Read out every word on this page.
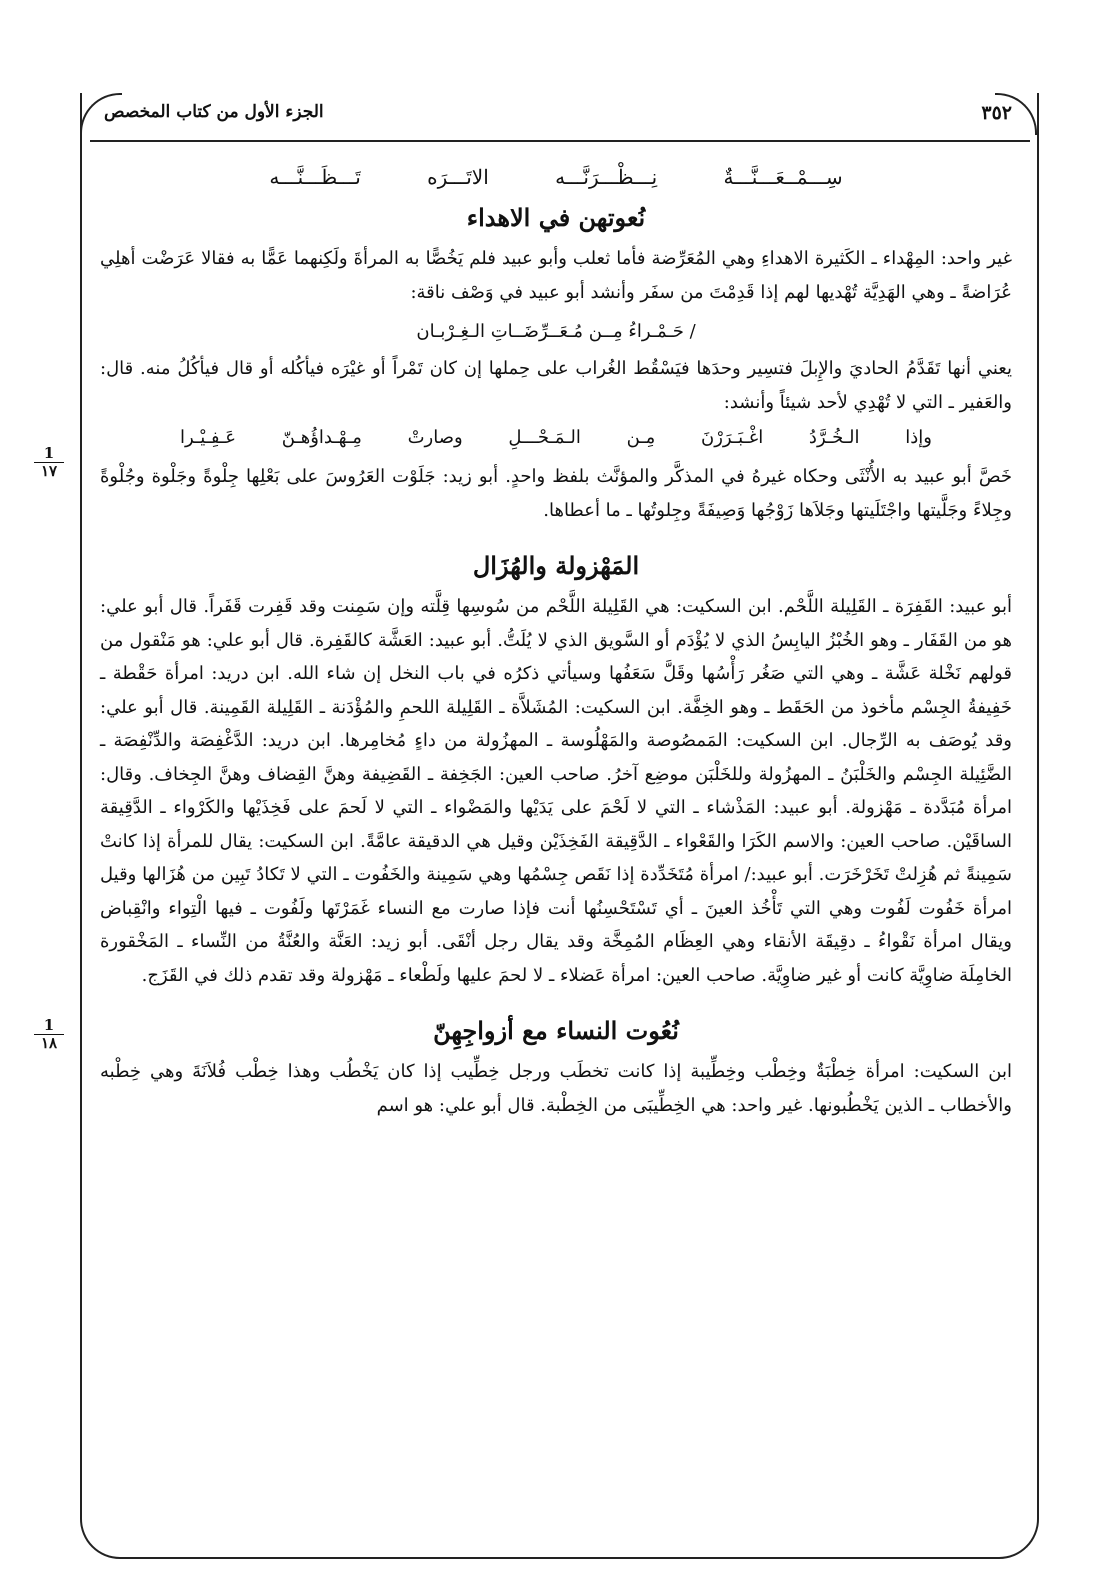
٣٥٢
الجزء الأول من كتاب المخصص
1
١٧
1
١٨
سِـــمْــعَـــنَّـــةٌ نِـــظْـــرَنَّـــه الاتَـــرَه تَـــظَـــنَّـــه
نُعوتهن في الاهداء

غير واحد: المِهْداء ـ الكَثيرة الاهداءِ وهي المُعَرِّضة فأما ثعلب وأبو عبيد فلم يَخُصًّا به المرأةَ ولَكِنهما عَمًّا به فقالا عَرَضْت أهلِي عُرَاضةً ـ وهي الهَدِيَّة تُهْديها لهم إذا قَدِمْتَ من سفَر وأنشد أبو عبيد في وَصْف ناقة:

/ حَـمْـراءُ مِــن مُـعَــرِّضَــاتِ الـغِـرْبـان

يعني أنها تَقَدَّمُ الحاديَ والإِبلَ فتسِير وحدَها فيَسْقُط الغُراب على حِملها إن كان تَمْراً أو غيْرَه فيأكُله أو قال فيأكُلُ منه. قال: والعَفير ـ التي لا تُهْدِي لأحد شيئاً وأنشد:

وإذا الـخُـرَّدُ اغْـبَـرَرْنَ مِـن الـمَـحْـــلِ وصارتْ مِـهْـداؤُهـنّ عَـفِـيْـرا

خَصَّ أبو عبيد به الأُنْثَى وحكاه غيرهُ في المذكَّر والمؤنَّث بلفظ واحدٍ. أبو زيد: جَلَوْت العَرُوسَ على بَعْلِها جِلْوةً وجَلْوة وجُلْوةً وجِلاءً وجَلَّيتها واجْتَلَيتها وجَلاَها زَوْجُها وَصِيفَةً وجِلوتُها ـ ما أعطاها.

المَهْزولة والهُزَال

أبو عبيد: القَفِرَة ـ القَلِيلة اللَّحْم. ابن السكيت: هي القَلِيلة اللَّحْم من سُوسِها قِلَّته وإن سَمِنت وقد قَفِرت قَفَراً. قال أبو علي: هو من القَفَار ـ وهو الخُبْزُ اليابِسُ الذي لا يُؤْدَم أو السَّويق الذي لا يُلَتُّ. أبو عبيد: العَشَّة كالقَفِرة. قال أبو علي: هو مَنْقول من قولهم نَخْلة عَشَّة ـ وهي التي صَغُر رَأْسُها وقَلَّ سَعَفُها وسيأتي ذكرُه في باب النخل إن شاء الله. ابن دريد: امرأة حَقْطة ـ خَفِيفةُ الجِسْم مأخوذ من الحَقَط ـ وهو الخِفَّة. ابن السكيت: المُشَلاَّة ـ القَلِيلة اللحمِ والمُؤْدَنة ـ القَلِيلة القَمِينة. قال أبو علي: وقد يُوصَف به الرِّجال. ابن السكيت: المَمصُوصة والمَهْلُوسة ـ المهزُولة من داءٍ مُخامِرها. ابن دريد: الدَّغْفِصَة والدِّنْفِصَة ـ الضَّئِيلة الجِسْم والخَلْبَنُ ـ المهزُولة وللخَلْبَن موضِع آخرُ. صاحب العين: الجَخِفة ـ القَضِيفة وهنَّ القِضاف وهنَّ الجِخاف. وقال: امرأة مُبَدَّدة ـ مَهْزولة. أبو عبيد: المَذْشاء ـ التي لا لَحْمَ على يَدَيْها والمَضْواء ـ التي لا لَحمَ على فَخِذَيْها والكَرْواء ـ الدَّقِيقة الساقَيْن. صاحب العين: والاسم الكَرَا والقَعْواء ـ الدَّقِيقة الفَخِذَيْن وقيل هي الدقيقة عامَّةً. ابن السكيت: يقال للمرأة إذا كانتْ سَمِينةً ثم هُزِلتْ تَخَرْخَرَت. أبو عبيد:/ امرأة مُتَخَدِّدة إذا نَقَص جِسْمُها وهي سَمِينة والخَفُوت ـ التي لا تَكادُ تَبِين من هُزَالها وقيل امرأة خَفُوت لَفُوت وهي التي تَأْخُذ العينَ ـ أي تَسْتَحْسِنُها أنت فإذا صارت مع النساء غَمَرْتَها ولَفُوت ـ فيها الْتِواء وانْقِباض ويقال امرأة نَقْواءُ ـ دقِيقَة الأنقاء وهي العِظَام المُمِخَّة وقد يقال رجل أنْقَى. أبو زيد: العَنَّة والعُنَّةُ من النِّساء ـ المَخْقورة الخامِلَة ضاوِيَّة كانت أو غير ضاوِيَّة. صاحب العين: امرأة عَضلاء ـ لا لحمَ عليها ولَطْعاء ـ مَهْزولة وقد تقدم ذلك في القَزَج.

نُعُوت النساء مع أزواجِهِنّ

ابن السكيت: امرأة خِطْبَةٌ وخِطْب وخِطِّيبة إذا كانت تخطَب ورجل خِطِّيب إذا كان يَخْطُب وهذا خِطْب فُلاَنَةَ وهي خِطْبه والأخطاب ـ الذين يَخْطُبونها. غير واحد: هي الخِطِّيبَى من الخِطْبة. قال أبو علي: هو اسم
